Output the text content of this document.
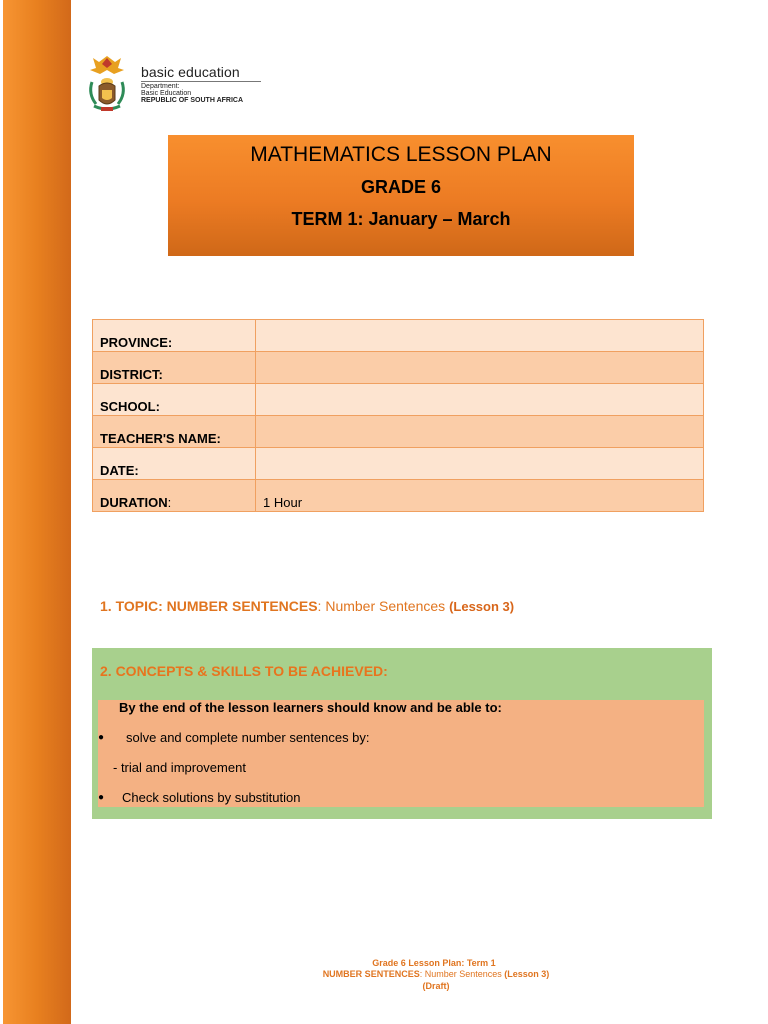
basic education
Department:
Basic Education
REPUBLIC OF SOUTH AFRICA
MATHEMATICS LESSON PLAN
GRADE 6
TERM 1: January – March
PROVINCE:	
DISTRICT:	
SCHOOL:	
TEACHER'S NAME:	
DATE:	
DURATION:	1 Hour
1. TOPIC: NUMBER SENTENCES: Number Sentences (Lesson 3)
2. CONCEPTS & SKILLS TO BE ACHIEVED:
By the end of the lesson learners should know and be able to:
● solve and complete number sentences by:
- trial and improvement
● Check solutions by substitution
Grade 6 Lesson Plan: Term 1
NUMBER SENTENCES: Number Sentences (Lesson 3)
(Draft)
